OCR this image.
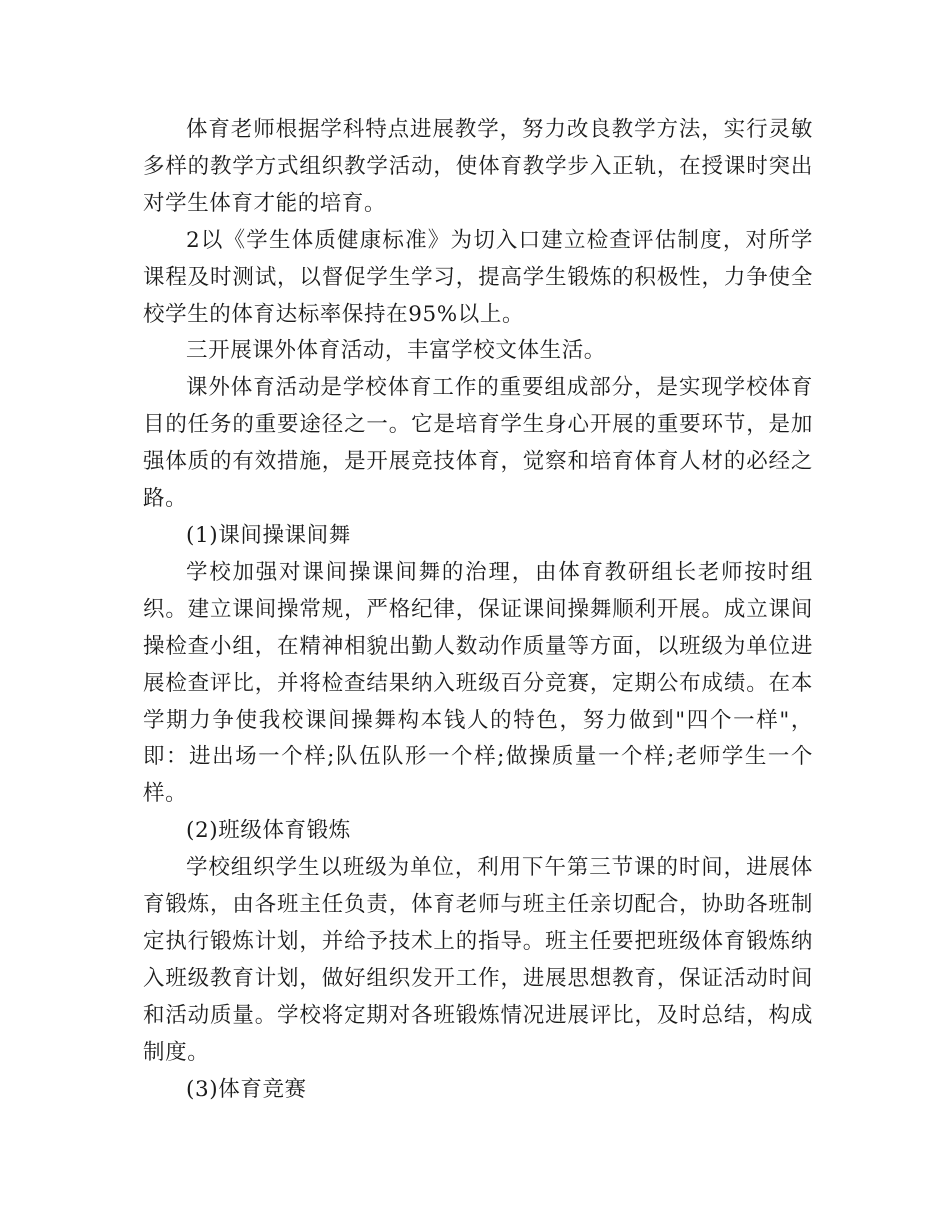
体育老师根据学科特点进展教学，努力改良教学方法，实行灵敏多样的教学方式组织教学活动，使体育教学步入正轨，在授课时突出对学生体育才能的培育。

2以《学生体质健康标准》为切入口建立检查评估制度，对所学课程及时测试，以督促学生学习，提高学生锻炼的积极性，力争使全校学生的体育达标率保持在95%以上。

三开展课外体育活动，丰富学校文体生活。

课外体育活动是学校体育工作的重要组成部分，是实现学校体育目的任务的重要途径之一。它是培育学生身心开展的重要环节，是加强体质的有效措施，是开展竞技体育，觉察和培育体育人材的必经之路。

(1)课间操课间舞

学校加强对课间操课间舞的治理，由体育教研组长老师按时组织。建立课间操常规，严格纪律，保证课间操舞顺利开展。成立课间操检查小组，在精神相貌出勤人数动作质量等方面，以班级为单位进展检查评比，并将检查结果纳入班级百分竞赛，定期公布成绩。在本学期力争使我校课间操舞构本钱人的特色，努力做到"四个一样"，即：进出场一个样;队伍队形一个样;做操质量一个样;老师学生一个样。

(2)班级体育锻炼

学校组织学生以班级为单位，利用下午第三节课的时间，进展体育锻炼，由各班主任负责，体育老师与班主任亲切配合，协助各班制定执行锻炼计划，并给予技术上的指导。班主任要把班级体育锻炼纳入班级教育计划，做好组织发开工作，进展思想教育，保证活动时间和活动质量。学校将定期对各班锻炼情况进展评比，及时总结，构成制度。

(3)体育竞赛
